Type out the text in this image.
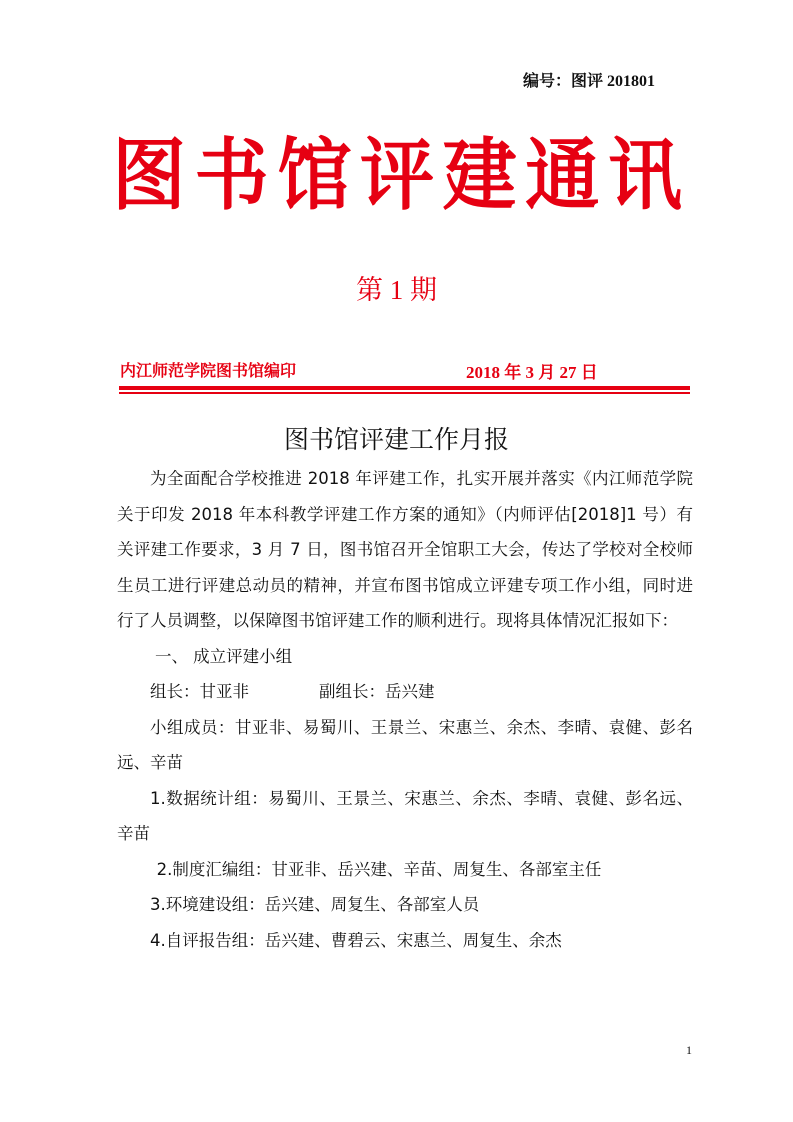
编号：图评 201801
图 书 馆 评 建 通 讯
第 1 期
内江师范学院图书馆编印	2018 年 3 月 27 日
图书馆评建工作月报

为全面配合学校推进 2018 年评建工作，扎实开展并落实《内江师范学院关于印发 2018 年本科教学评建工作方案的通知》（内师评估[2018]1 号）有关评建工作要求，3 月 7 日，图书馆召开全馆职工大会，传达了学校对全校师生员工进行评建总动员的精神，并宣布图书馆成立评建专项工作小组，同时进行了人员调整，以保障图书馆评建工作的顺利进行。现将具体情况汇报如下：

一、 成立评建小组

组长：甘亚非	副组长：岳兴建

小组成员：甘亚非、易蜀川、王景兰、宋惠兰、余杰、李晴、袁健、彭名远、辛苗

1.数据统计组：易蜀川、王景兰、宋惠兰、余杰、李晴、袁健、彭名远、辛苗

2.制度汇编组：甘亚非、岳兴建、辛苗、周复生、各部室主任

3.环境建设组：岳兴建、周复生、各部室人员

4.自评报告组：岳兴建、曹碧云、宋惠兰、周复生、余杰

1
